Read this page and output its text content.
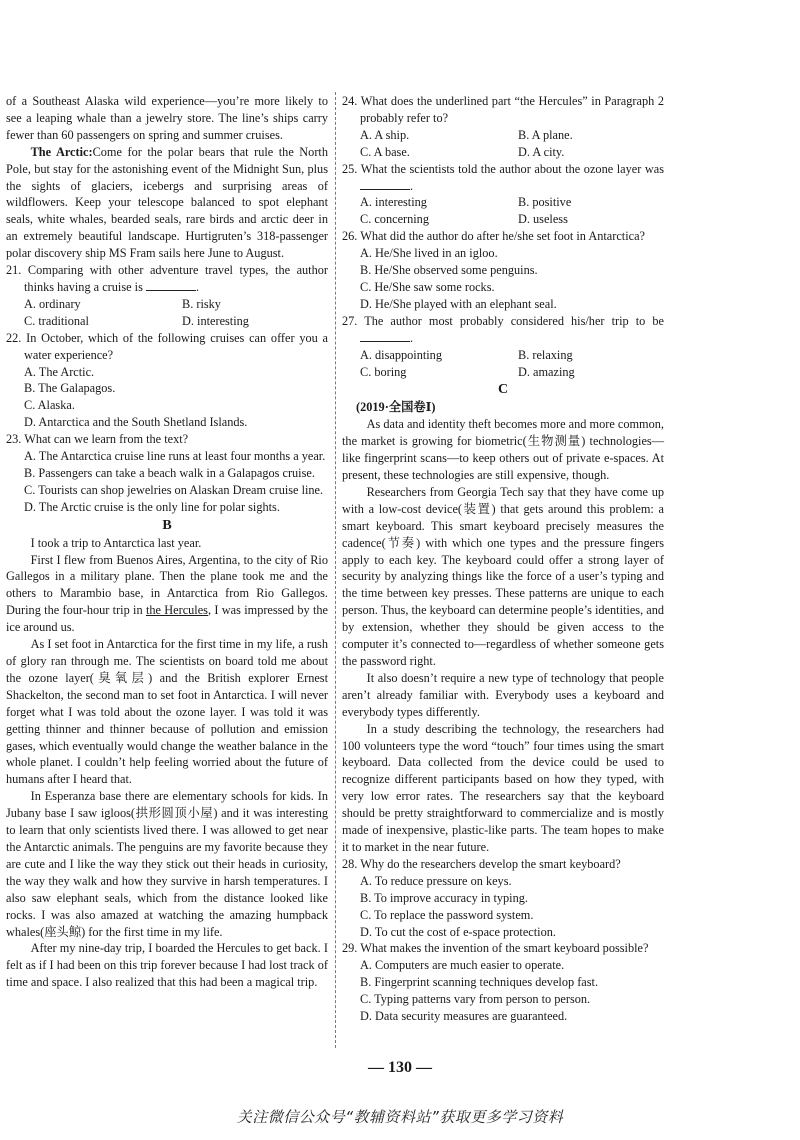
of a Southeast Alaska wild experience—you’re more likely to see a leaping whale than a jewelry store. The line’s ships carry fewer than 60 passengers on spring and summer cruises.

The Arctic:Come for the polar bears that rule the North Pole, but stay for the astonishing event of the Midnight Sun, plus the sights of glaciers, icebergs and surprising areas of wildflowers. Keep your telescope balanced to spot elephant seals, white whales, bearded seals, rare birds and arctic deer in an extremely beautiful landscape. Hurtigruten’s 318-passenger polar discovery ship MS Fram sails here June to August.

21. Comparing with other adventure travel types, the author thinks having a cruise is	.
A. ordinary	B. risky
C. traditional	D. interesting
22. In October, which of the following cruises can offer you a water experience?
A. The Arctic.
B. The Galapagos.
C. Alaska.
D. Antarctica and the South Shetland Islands.
23. What can we learn from the text?
A. The Antarctica cruise line runs at least four months a year.
B. Passengers can take a beach walk in a Galapagos cruise.
C. Tourists can shop jewelries on Alaskan Dream cruise line.
D. The Arctic cruise is the only line for polar sights.
B

I took a trip to Antarctica last year.

First I flew from Buenos Aires, Argentina, to the city of Rio Gallegos in a military plane. Then the plane took me and the others to Marambio base, in Antarctica from Rio Gallegos. During the four-hour trip in the Hercules, I was impressed by the ice around us.

As I set foot in Antarctica for the first time in my life, a rush of glory ran through me. The scientists on board told me about the ozone layer(臭氧层) and the British explorer Ernest Shackelton, the second man to set foot in Antarctica. I will never forget what I was told about the ozone layer. I was told it was getting thinner and thinner because of pollution and emission gases, which eventually would change the weather balance in the whole planet. I couldn’t help feeling worried about the future of humans after I heard that.

In Esperanza base there are elementary schools for kids. In Jubany base I saw igloos(拱形圆顶小屋) and it was interesting to learn that only scientists lived there. I was allowed to get near the Antarctic animals. The penguins are my favorite because they are cute and I like the way they stick out their heads in curiosity, the way they walk and how they survive in harsh temperatures. I also saw elephant seals, which from the distance looked like rocks. I was also amazed at watching the amazing humpback whales(座头鲸) for the first time in my life.

After my nine-day trip, I boarded the Hercules to get back. I felt as if I had been on this trip forever because I had lost track of time and space. I also realized that this had been a magical trip.

24. What does the underlined part “the Hercules” in Paragraph 2 probably refer to?
A. A ship.	B. A plane.
C. A base.	D. A city.
25. What the scientists told the author about the ozone layer was .
A. interesting	B. positive
C. concerning	D. useless
26. What did the author do after he/she set foot in Antarctica?
A. He/She lived in an igloo.
B. He/She observed some penguins.
C. He/She saw some rocks.
D. He/She played with an elephant seal.
27. The author most probably considered his/her trip to be .
A. disappointing	B. relaxing
C. boring	D. amazing
C

(2019·全国卷Ⅰ)

As data and identity theft becomes more and more common, the market is growing for biometric(生物测量) technologies—like fingerprint scans—to keep others out of private e-spaces. At present, these technologies are still expensive, though.

Researchers from Georgia Tech say that they have come up with a low-cost device(装置) that gets around this problem: a smart keyboard. This smart keyboard precisely measures the cadence(节奏) with which one types and the pressure fingers apply to each key. The keyboard could offer a strong layer of security by analyzing things like the force of a user’s typing and the time between key presses. These patterns are unique to each person. Thus, the keyboard can determine people’s identities, and by extension, whether they should be given access to the computer it’s connected to—regardless of whether someone gets the password right.

It also doesn’t require a new type of technology that people aren’t already familiar with. Everybody uses a keyboard and everybody types differently.

In a study describing the technology, the researchers had 100 volunteers type the word “touch” four times using the smart keyboard. Data collected from the device could be used to recognize different participants based on how they typed, with very low error rates. The researchers say that the keyboard should be pretty straightforward to commercialize and is mostly made of inexpensive, plastic-like parts. The team hopes to make it to market in the near future.

28. Why do the researchers develop the smart keyboard?
A. To reduce pressure on keys.
B. To improve accuracy in typing.
C. To replace the password system.
D. To cut the cost of e-space protection.
29. What makes the invention of the smart keyboard possible?
A. Computers are much easier to operate.
B. Fingerprint scanning techniques develop fast.
C. Typing patterns vary from person to person.
D. Data security measures are guaranteed.
— 130 —
关注微信公众号“教辅资料站”获取更多学习资料
